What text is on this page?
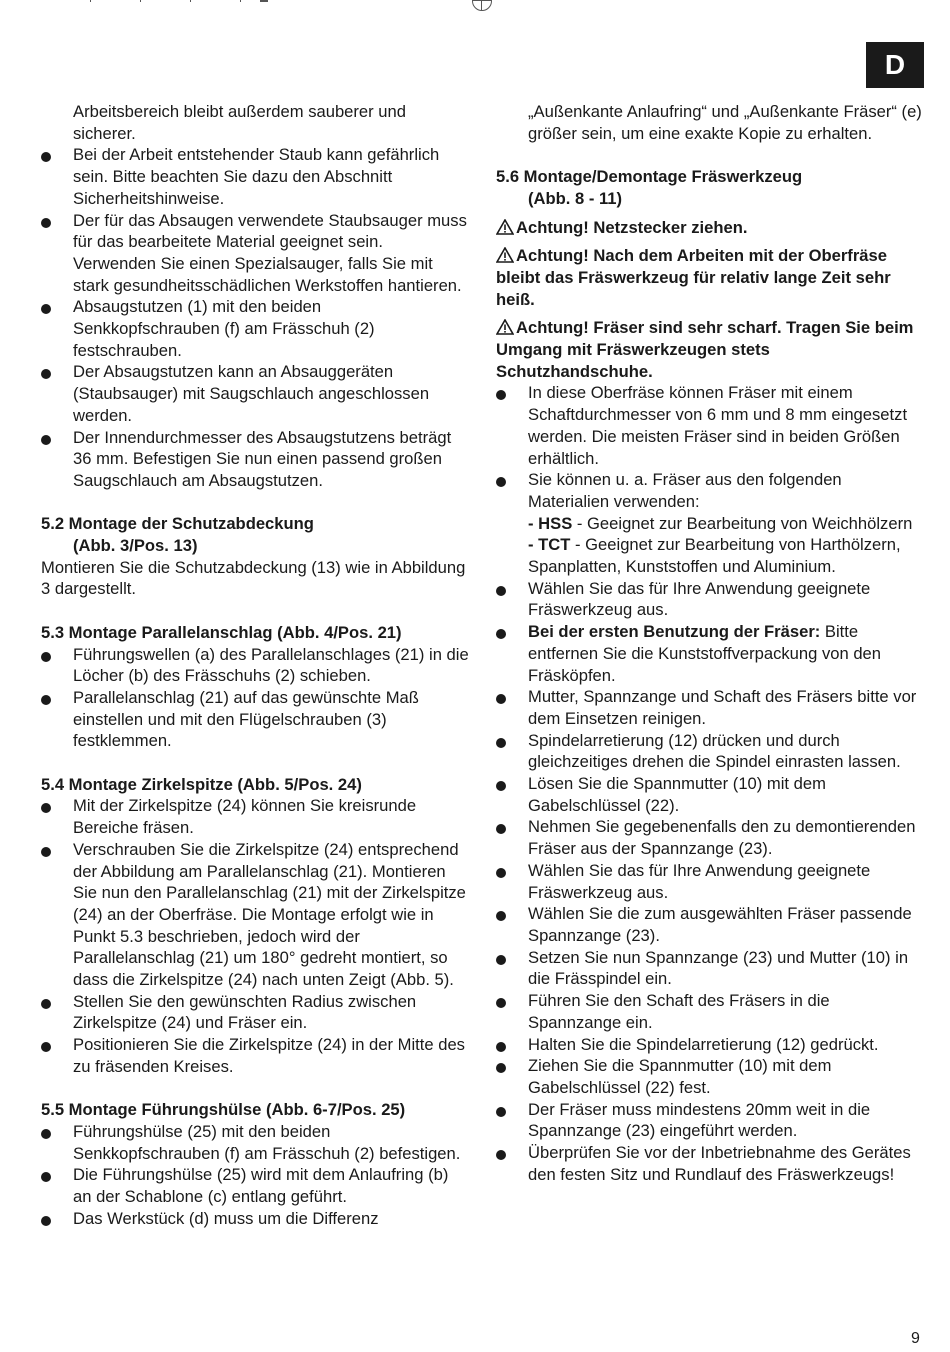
D
Arbeitsbereich bleibt außerdem sauberer und sicherer.
Bei der Arbeit entstehender Staub kann gefährlich sein. Bitte beachten Sie dazu den Abschnitt Sicherheitshinweise.
Der für das Absaugen verwendete Staubsauger muss für das bearbeitete Material geeignet sein. Verwenden Sie einen Spezialsauger, falls Sie mit stark gesundheitsschädlichen Werkstoffen hantieren.
Absaugstutzen (1) mit den beiden Senkkopfschrauben (f) am Frässchuh (2) festschrauben.
Der Absaugstutzen kann an Absauggeräten (Staubsauger) mit Saugschlauch angeschlossen werden.
Der Innendurchmesser des Absaugstutzens beträgt 36 mm. Befestigen Sie nun einen passend großen Saugschlauch am Absaugstutzen.
5.2 Montage der Schutzabdeckung
(Abb. 3/Pos. 13)
Montieren Sie die Schutzabdeckung (13) wie in Abbildung 3 dargestellt.
5.3 Montage Parallelanschlag (Abb. 4/Pos. 21)
Führungswellen (a) des Parallelanschlages (21) in die Löcher (b) des Frässchuhs (2) schieben.
Parallelanschlag (21) auf das gewünschte Maß einstellen und mit den Flügelschrauben (3) festklemmen.
5.4 Montage Zirkelspitze (Abb. 5/Pos. 24)
Mit der Zirkelspitze (24) können Sie kreisrunde Bereiche fräsen.
Verschrauben Sie die Zirkelspitze (24) entsprechend der Abbildung am Parallelanschlag (21). Montieren Sie nun den Parallelanschlag (21) mit der Zirkelspitze (24) an der Oberfräse. Die Montage erfolgt wie in Punkt 5.3 beschrieben, jedoch wird der Parallelanschlag (21) um 180° gedreht montiert, so dass die Zirkelspitze (24) nach unten Zeigt (Abb. 5).
Stellen Sie den gewünschten Radius zwischen Zirkelspitze (24) und Fräser ein.
Positionieren Sie die Zirkelspitze (24) in der Mitte des zu fräsenden Kreises.
5.5 Montage Führungshülse (Abb. 6-7/Pos. 25)
Führungshülse (25) mit den beiden Senkkopfschrauben (f) am Frässchuh (2) befestigen.
Die Führungshülse (25) wird mit dem Anlaufring (b) an der Schablone (c) entlang geführt.
Das Werkstück (d) muss um die Differenz
„Außenkante Anlaufring“ und „Außenkante Fräser“ (e) größer sein, um eine exakte Kopie zu erhalten.
5.6 Montage/Demontage Fräswerkzeug
(Abb. 8 - 11)
Achtung! Netzstecker ziehen.
Achtung! Nach dem Arbeiten mit der Oberfräse bleibt das Fräswerkzeug für relativ lange Zeit sehr heiß.
Achtung! Fräser sind sehr scharf. Tragen Sie beim Umgang mit Fräswerkzeugen stets Schutzhandschuhe.
In diese Oberfräse können Fräser mit einem Schaftdurchmesser von 6 mm und 8 mm eingesetzt werden. Die meisten Fräser sind in beiden Größen erhältlich.
Sie können u. a. Fräser aus den folgenden Materialien verwenden:
- HSS - Geeignet zur Bearbeitung von Weichhölzern
- TCT - Geeignet zur Bearbeitung von Harthölzern, Spanplatten, Kunststoffen und Aluminium.
Wählen Sie das für Ihre Anwendung geeignete Fräswerkzeug aus.
Bei der ersten Benutzung der Fräser: Bitte entfernen Sie die Kunststoffverpackung von den Fräsköpfen.
Mutter, Spannzange und Schaft des Fräsers bitte vor dem Einsetzen reinigen.
Spindelarretierung (12) drücken und durch gleichzeitiges drehen die Spindel einrasten lassen.
Lösen Sie die Spannmutter (10) mit dem Gabelschlüssel (22).
Nehmen Sie gegebenenfalls den zu demontierenden Fräser aus der Spannzange (23).
Wählen Sie das für Ihre Anwendung geeignete Fräswerkzeug aus.
Wählen Sie die zum ausgewählten Fräser passende Spannzange (23).
Setzen Sie nun Spannzange (23) und Mutter (10) in die Frässpindel ein.
Führen Sie den Schaft des Fräsers in die Spannzange ein.
Halten Sie die Spindelarretierung (12) gedrückt.
Ziehen Sie die Spannmutter (10) mit dem Gabelschlüssel (22) fest.
Der Fräser muss mindestens 20mm weit in die Spannzange (23) eingeführt werden.
Überprüfen Sie vor der Inbetriebnahme des Gerätes den festen Sitz und Rundlauf des Fräswerkzeugs!
9
